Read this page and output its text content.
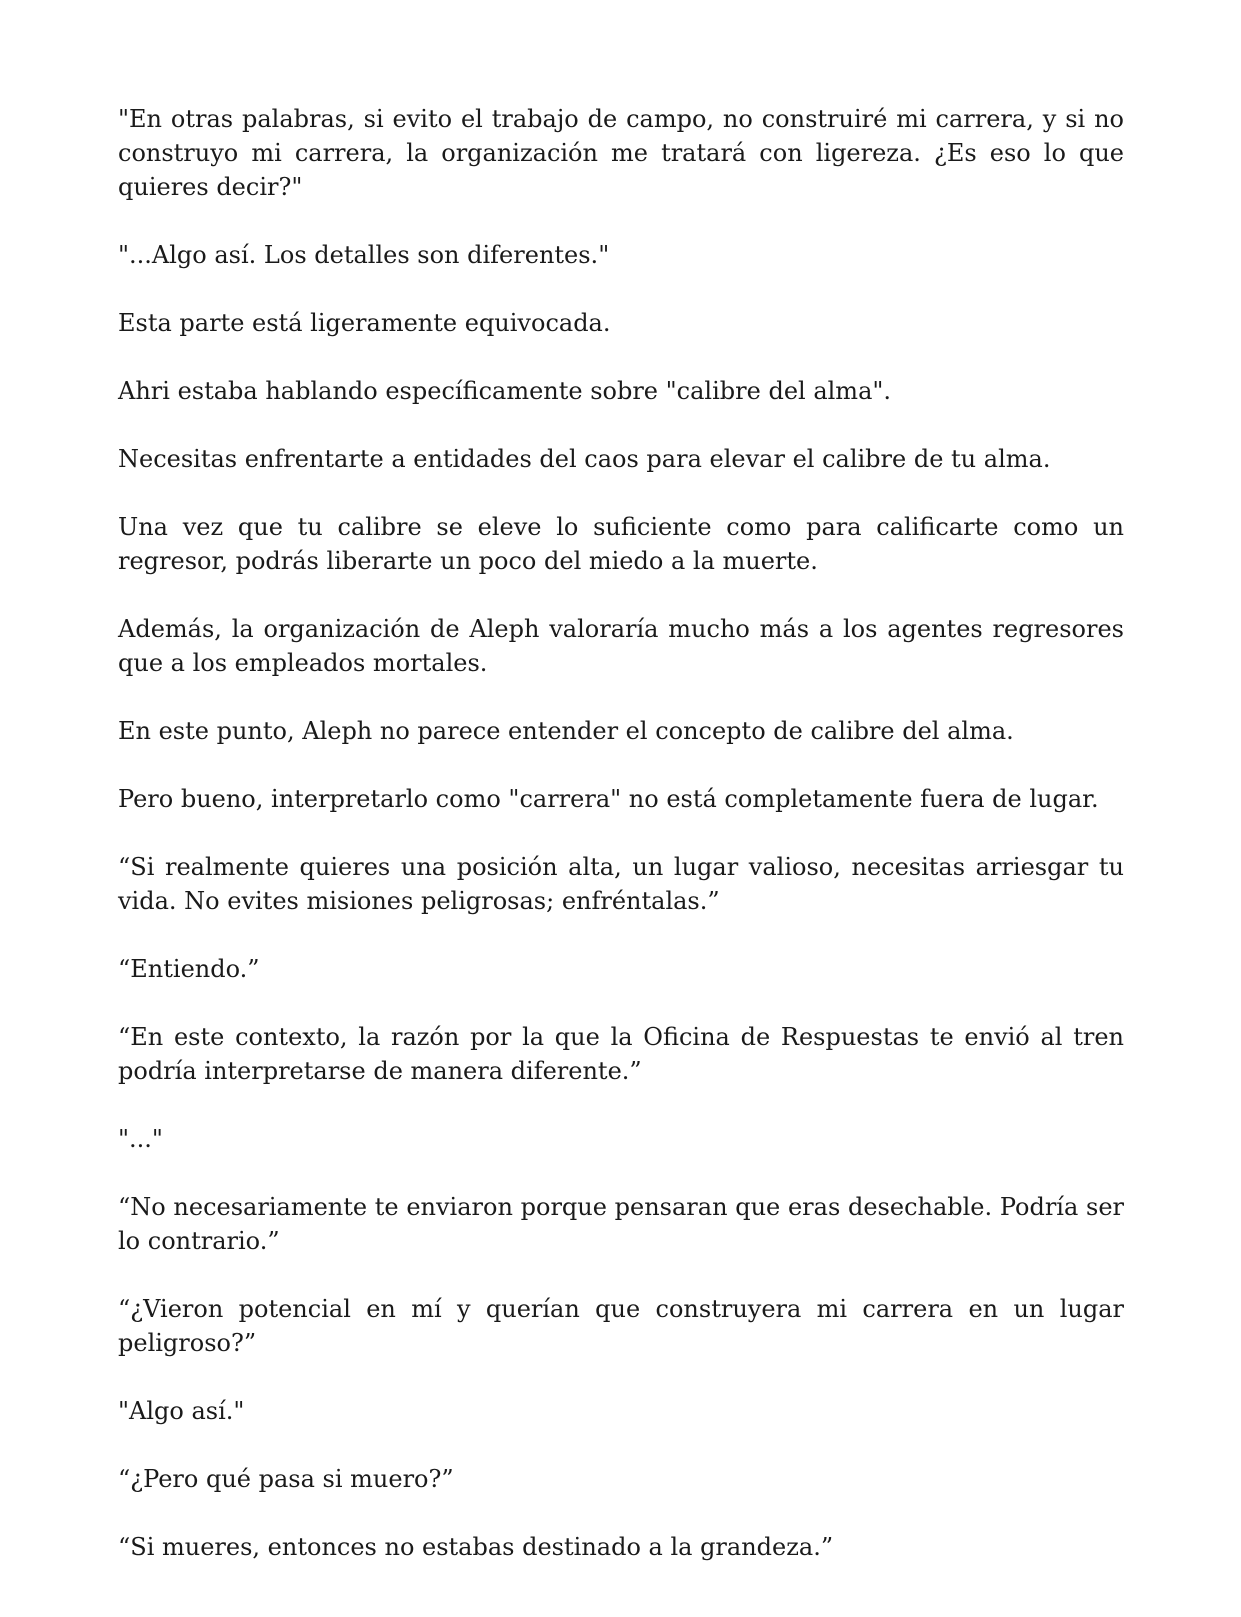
"En otras palabras, si evito el trabajo de campo, no construiré mi carrera, y si no construyo mi carrera, la organización me tratará con ligereza. ¿Es eso lo que quieres decir?"

"...Algo así. Los detalles son diferentes."

Esta parte está ligeramente equivocada.

Ahri estaba hablando específicamente sobre "calibre del alma".

Necesitas enfrentarte a entidades del caos para elevar el calibre de tu alma.

Una vez que tu calibre se eleve lo suficiente como para calificarte como un regresor, podrás liberarte un poco del miedo a la muerte.

Además, la organización de Aleph valoraría mucho más a los agentes regresores que a los empleados mortales.

En este punto, Aleph no parece entender el concepto de calibre del alma.

Pero bueno, interpretarlo como "carrera" no está completamente fuera de lugar.

“Si realmente quieres una posición alta, un lugar valioso, necesitas arriesgar tu vida. No evites misiones peligrosas; enfréntalas.”

“Entiendo.”

“En este contexto, la razón por la que la Oficina de Respuestas te envió al tren podría interpretarse de manera diferente.”

"..."

“No necesariamente te enviaron porque pensaran que eras desechable. Podría ser lo contrario.”

“¿Vieron potencial en mí y querían que construyera mi carrera en un lugar peligroso?”

"Algo así."

“¿Pero qué pasa si muero?”

“Si mueres, entonces no estabas destinado a la grandeza.”
